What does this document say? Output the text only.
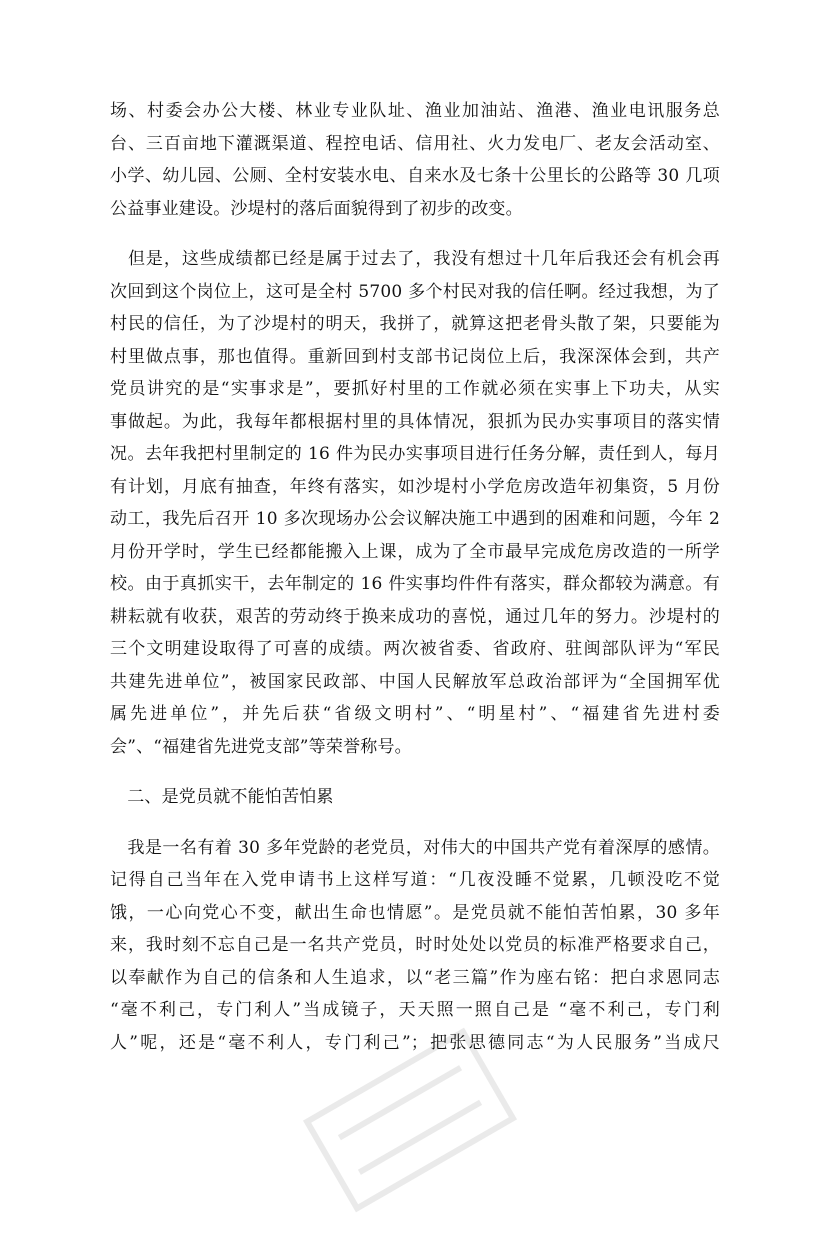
场、村委会办公大楼、林业专业队址、渔业加油站、渔港、渔业电讯服务总
台、三百亩地下灌溉渠道、程控电话、信用社、火力发电厂、老友会活动室、
小学、幼儿园、公厕、全村安装水电、自来水及七条十公里长的公路等 30 几项
公益事业建设。沙堤村的落后面貌得到了初步的改变。

　但是，这些成绩都已经是属于过去了，我没有想过十几年后我还会有机会再
次回到这个岗位上，这可是全村 5700 多个村民对我的信任啊。经过我想，为了
村民的信任，为了沙堤村的明天，我拼了，就算这把老骨头散了架，只要能为
村里做点事，那也值得。重新回到村支部书记岗位上后，我深深体会到，共产
党员讲究的是“实事求是”，要抓好村里的工作就必须在实事上下功夫，从实
事做起。为此，我每年都根据村里的具体情况，狠抓为民办实事项目的落实情
况。去年我把村里制定的 16 件为民办实事项目进行任务分解，责任到人，每月
有计划，月底有抽查，年终有落实，如沙堤村小学危房改造年初集资，5 月份
动工，我先后召开 10 多次现场办公会议解决施工中遇到的困难和问题，今年 2
月份开学时，学生已经都能搬入上课，成为了全市最早完成危房改造的一所学
校。由于真抓实干，去年制定的 16 件实事均件件有落实，群众都较为满意。有
耕耘就有收获，艰苦的劳动终于换来成功的喜悦，通过几年的努力。沙堤村的
三个文明建设取得了可喜的成绩。两次被省委、省政府、驻闽部队评为“军民
共建先进单位”，被国家民政部、中国人民解放军总政治部评为“全国拥军优
属先进单位”，并先后获“省级文明村”、“明星村”、“福建省先进村委
会”、“福建省先进党支部”等荣誉称号。

　二、是党员就不能怕苦怕累

　我是一名有着 30 多年党龄的老党员，对伟大的中国共产党有着深厚的感情。
记得自己当年在入党申请书上这样写道：“几夜没睡不觉累，几顿没吃不觉
饿，一心向党心不变，献出生命也情愿”。是党员就不能怕苦怕累，30 多年
来，我时刻不忘自己是一名共产党员，时时处处以党员的标准严格要求自己，
以奉献作为自己的信条和人生追求，以“老三篇”作为座右铭：把白求恩同志
“毫不利己，专门利人”当成镜子，天天照一照自己是 “毫不利己，专门利
人”呢，还是“毫不利人，专门利己”；把张思德同志“为人民服务”当成尺
